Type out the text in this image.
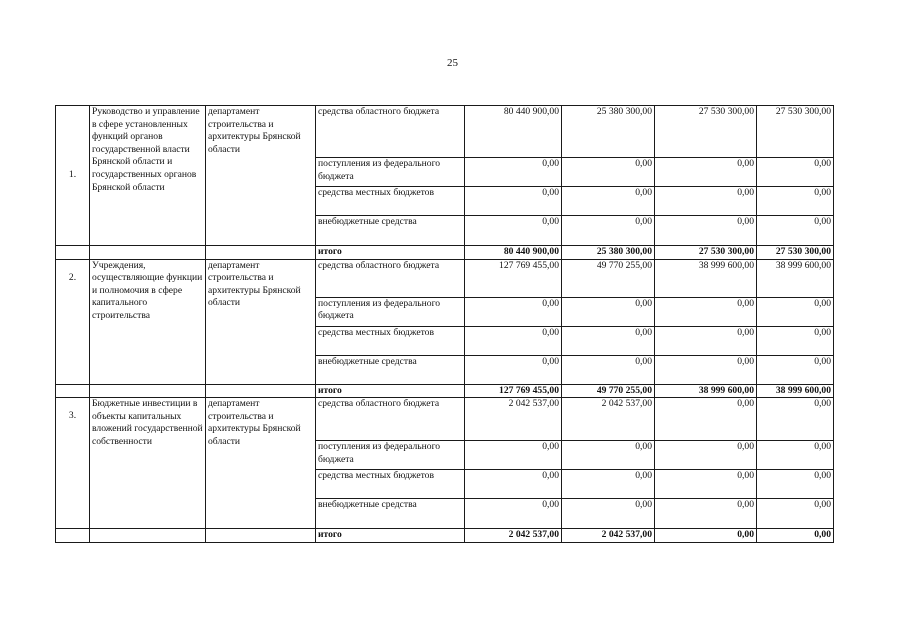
25
1.	Руководство и управление в сфере установленных функций органов государственной власти Брянской области и государственных органов Брянской области	департамент строительства и архитектуры Брянской области	средства областного бюджета	80 440 900,00	25 380 300,00	27 530 300,00	27 530 300,00
			поступления из федерального бюджета	0,00	0,00	0,00	0,00
			средства местных бюджетов	0,00	0,00	0,00	0,00
			внебюджетные средства	0,00	0,00	0,00	0,00
			итого	80 440 900,00	25 380 300,00	27 530 300,00	27 530 300,00
2.	Учреждения, осуществляющие функции и полномочия в сфере капитального строительства	департамент строительства и архитектуры Брянской области	средства областного бюджета	127 769 455,00	49 770 255,00	38 999 600,00	38 999 600,00
			поступления из федерального бюджета	0,00	0,00	0,00	0,00
			средства местных бюджетов	0,00	0,00	0,00	0,00
			внебюджетные средства	0,00	0,00	0,00	0,00
			итого	127 769 455,00	49 770 255,00	38 999 600,00	38 999 600,00
3.	Бюджетные инвестиции в объекты капитальных вложений государственной собственности	департамент строительства и архитектуры Брянской области	средства областного бюджета	2 042 537,00	2 042 537,00	0,00	0,00
			поступления из федерального бюджета	0,00	0,00	0,00	0,00
			средства местных бюджетов	0,00	0,00	0,00	0,00
			внебюджетные средства	0,00	0,00	0,00	0,00
			итого	2 042 537,00	2 042 537,00	0,00	0,00
